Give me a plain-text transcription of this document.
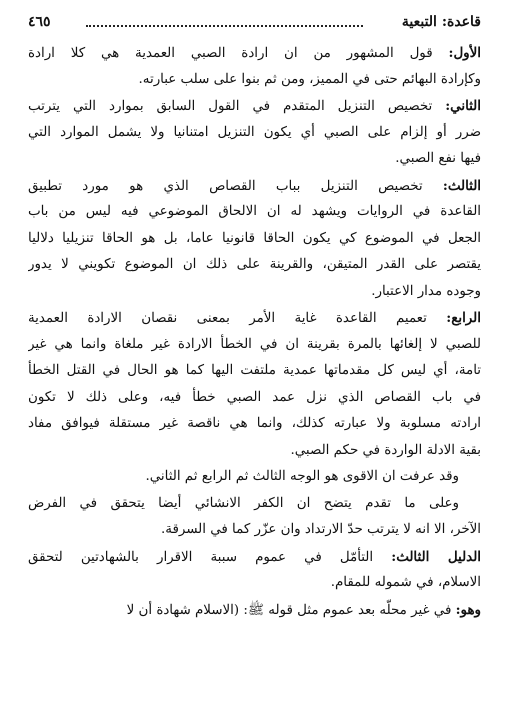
قاعدة: التبعية
٤٦٥
الأول: قول المشهور من ان ارادة الصبي العمدية هي كلا ارادة
وكإرادة البهائم حتى في المميز، ومن ثم بنوا على سلب عبارته.
الثاني: تخصيص التنزيل المتقدم في القول السابق بموارد التي يترتب
ضرر أو إلزام على الصبي أي يكون التنزيل امتنانيا ولا يشمل الموارد التي
فيها نفع الصبي.
الثالث: تخصيص التنزيل بباب القصاص الذي هو مورد تطبيق
القاعدة في الروايات ويشهد له ان الالحاق الموضوعي فيه ليس من باب
الجعل في الموضوع كي يكون الحاقا قانونيا عاما، بل هو الحاقا تنزيليا دلاليا
يقتصر على القدر المتيقن، والقرينة على ذلك ان الموضوع تكويني لا يدور
وجوده مدار الاعتبار.
الرابع: تعميم القاعدة غاية الأمر بمعنى نقصان الارادة العمدية
للصبي لا إلغائها بالمرة بقرينة ان في الخطأ الارادة غير ملغاة وانما هي غير
تامة، أي ليس كل مقدماتها عمدية ملتفت اليها كما هو الحال في القتل الخطأ
في باب القصاص الذي نزل عمد الصبي خطأ فيه، وعلى ذلك لا تكون
ارادته مسلوبة ولا عبارته كذلك، وانما هي ناقصة غير مستقلة فيوافق مفاد
بقية الادلة الواردة في حكم الصبي.
وقد عرفت ان الاقوى هو الوجه الثالث ثم الرابع ثم الثاني.
وعلى ما تقدم يتضح ان الكفر الانشائي أيضا يتحقق في الفرض
الآخر، الا انه لا يترتب حدّ الارتداد وان عزّر كما في السرقة.
الدليل الثالث: التأمّل في عموم سببة الاقرار بالشهادتين لتحقق
الاسلام، في شموله للمقام.
وهو: في غير محلّه بعد عموم مثل قوله ﷺ: (الاسلام شهادة أن لا
